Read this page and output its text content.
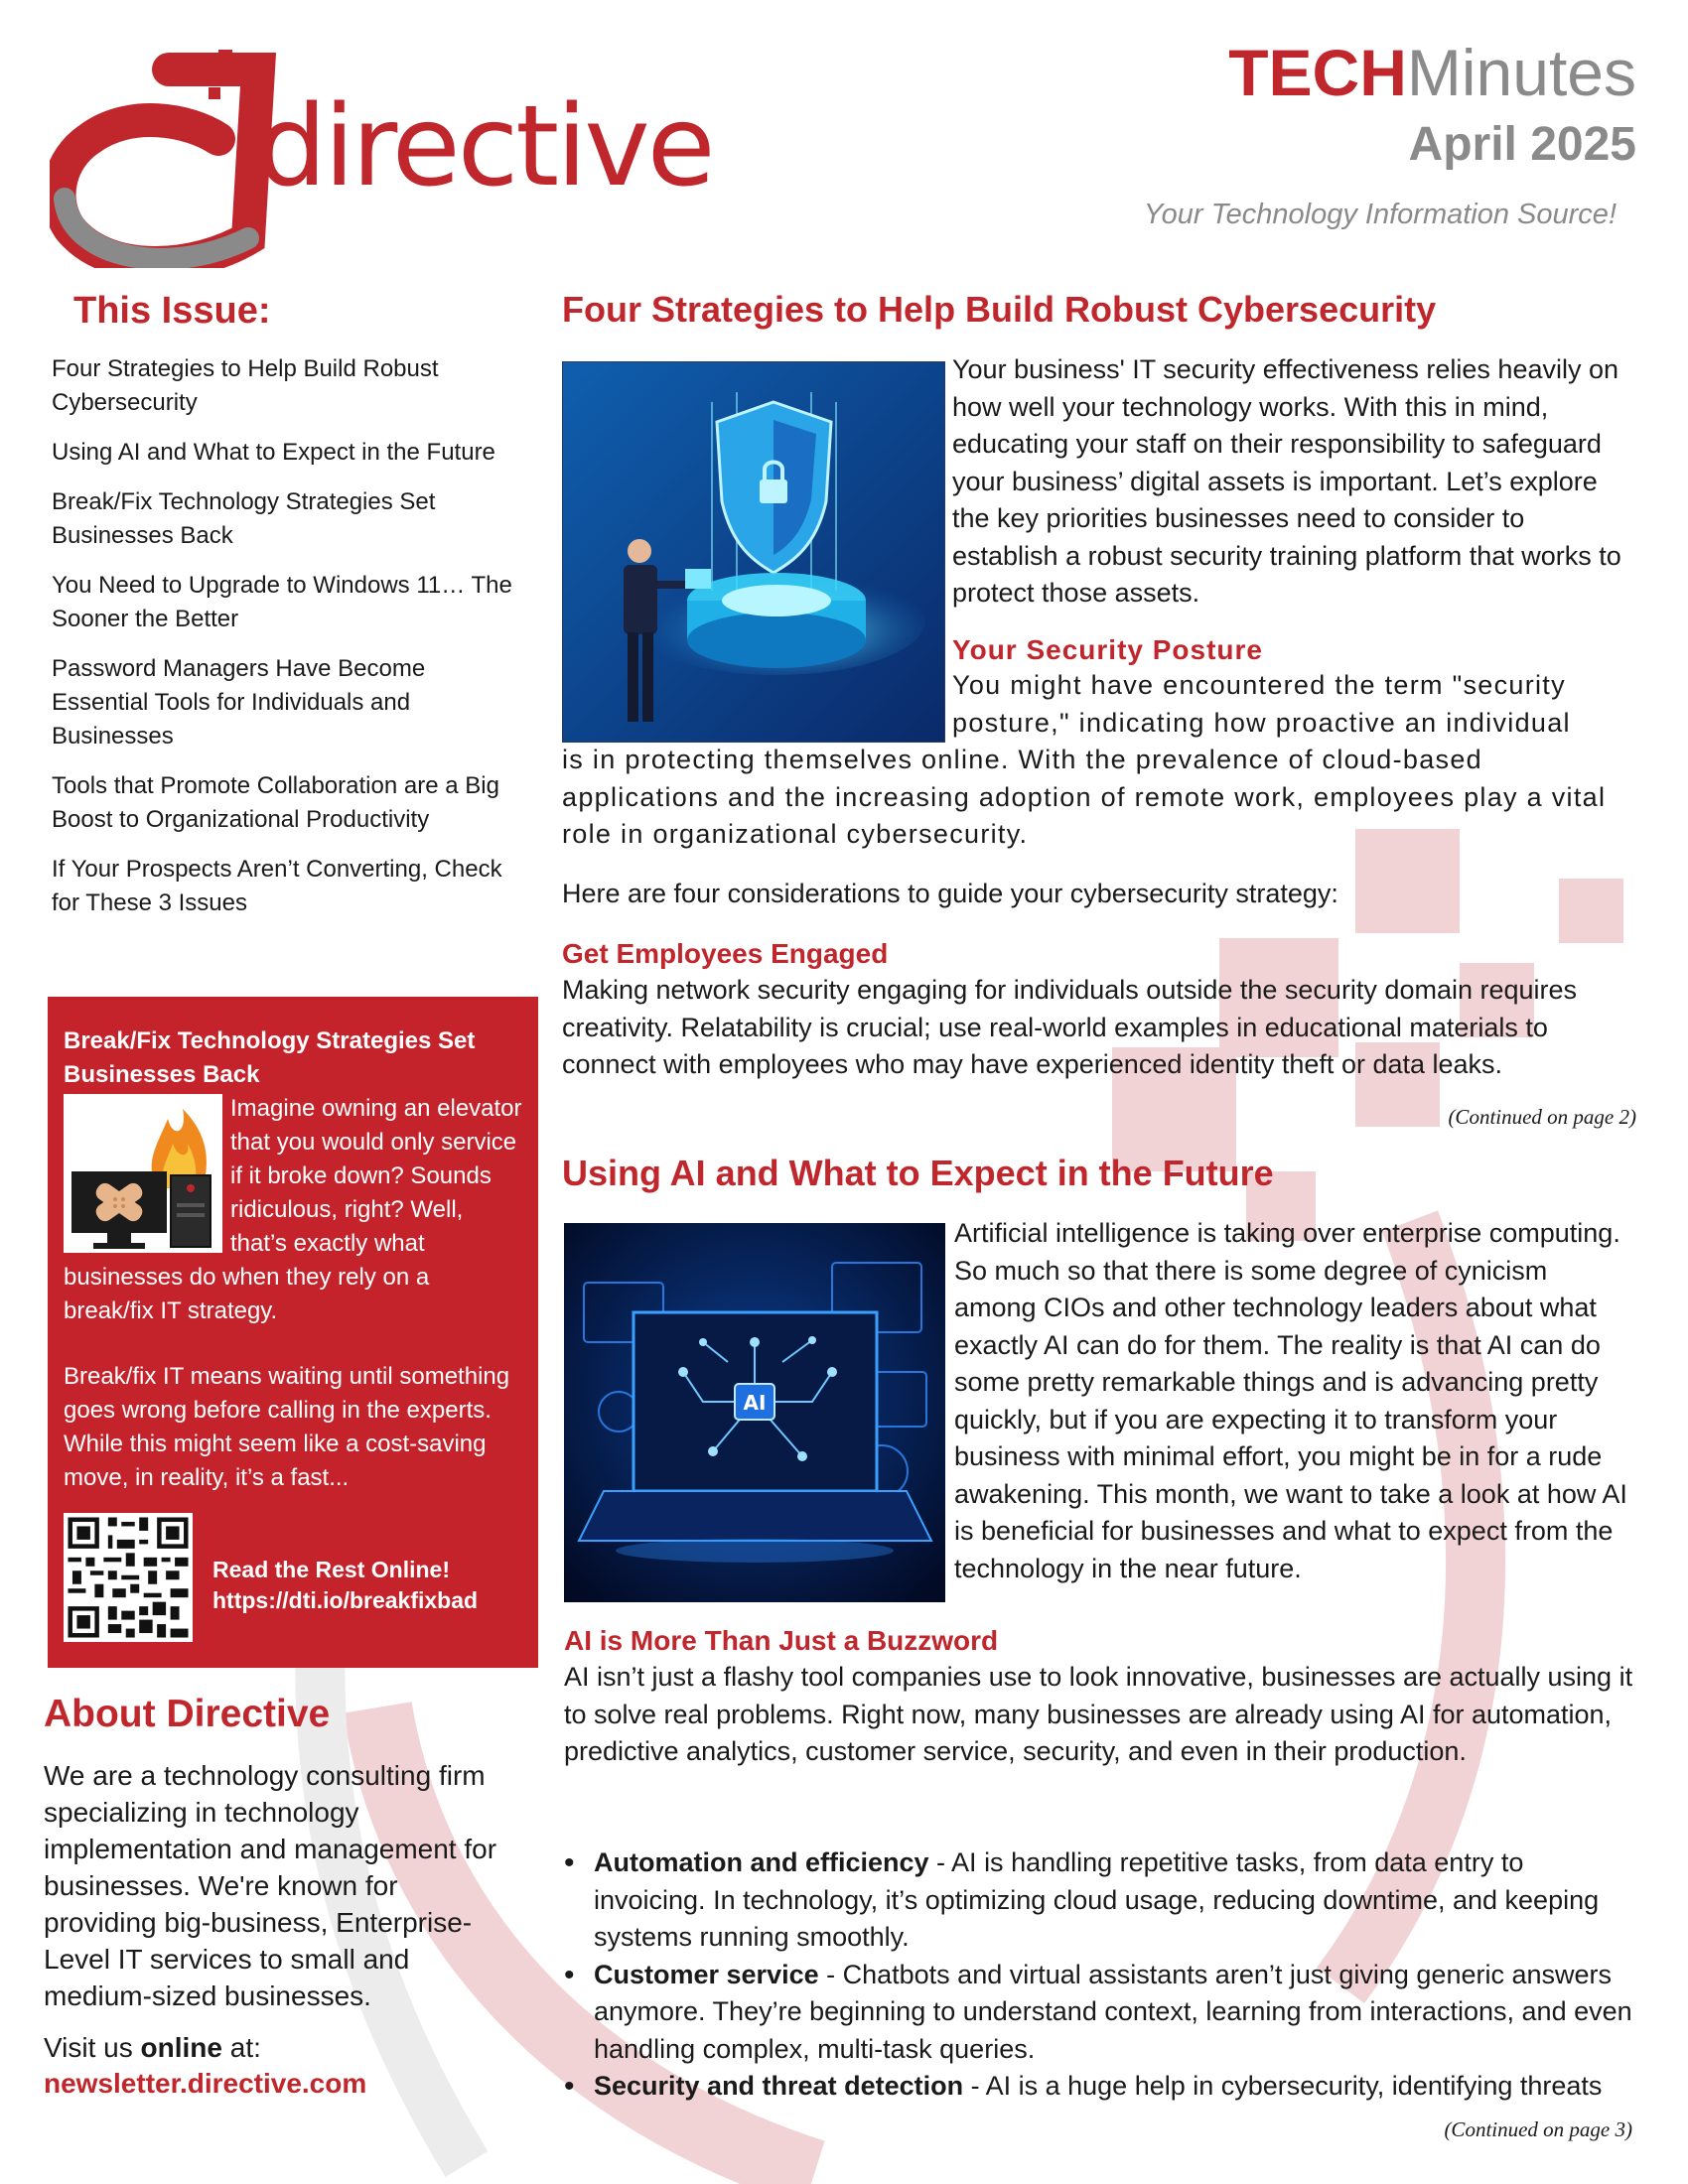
directive
TECHMinutes
April 2025
Your Technology Information Source!
This Issue:
Four Strategies to Help Build Robust Cybersecurity
Using AI and What to Expect in the Future
Break/Fix Technology Strategies Set Businesses Back
You Need to Upgrade to Windows 11… The Sooner the Better
Password Managers Have Become Essential Tools for Individuals and Businesses
Tools that Promote Collaboration are a Big Boost to Organizational Productivity
If Your Prospects Aren’t Converting, Check for These 3 Issues
Break/Fix Technology Strategies Set Businesses Back

Imagine owning an elevator that you would only service if it broke down? Sounds ridiculous, right? Well, that’s exactly what businesses do when they rely on a break/fix IT strategy.

Break/fix IT means waiting until something goes wrong before calling in the experts. While this might seem like a cost-saving move, in reality, it’s a fast...

Read the Rest Online!
https://dti.io/breakfixbad
About Directive
We are a technology consulting firm specializing in technology implementation and management for businesses. We're known for providing big-business, Enterprise-Level IT services to small and medium-sized businesses.
Visit us online at:
newsletter.directive.com
Four Strategies to Help Build Robust Cybersecurity
Your business' IT security effectiveness relies heavily on how well your technology works. With this in mind, educating your staff on their responsibility to safeguard your business’ digital assets is important. Let’s explore the key priorities businesses need to consider to establish a robust security training platform that works to protect those assets.
Your Security Posture
You might have encountered the term "security posture," indicating how proactive an individual
is in protecting themselves online. With the prevalence of cloud-based applications and the increasing adoption of remote work, employees play a vital role in organizational cybersecurity.
Here are four considerations to guide your cybersecurity strategy:
Get Employees Engaged
Making network security engaging for individuals outside the security domain requires creativity. Relatability is crucial; use real-world examples in educational materials to connect with employees who may have experienced identity theft or data leaks.
(Continued on page 2)
Using AI and What to Expect in the Future
AI
Artificial intelligence is taking over enterprise computing. So much so that there is some degree of cynicism among CIOs and other technology leaders about what exactly AI can do for them. The reality is that AI can do some pretty remarkable things and is advancing pretty quickly, but if you are expecting it to transform your business with minimal effort, you might be in for a rude awakening. This month, we want to take a look at how AI is beneficial for businesses and what to expect from the technology in the near future.
AI is More Than Just a Buzzword
AI isn’t just a flashy tool companies use to look innovative, businesses are actually using it to solve real problems. Right now, many businesses are already using AI for automation, predictive analytics, customer service, security, and even in their production.
• Automation and efficiency - AI is handling repetitive tasks, from data entry to invoicing. In technology, it’s optimizing cloud usage, reducing downtime, and keeping systems running smoothly.
• Customer service - Chatbots and virtual assistants aren’t just giving generic answers anymore. They’re beginning to understand context, learning from interactions, and even handling complex, multi-task queries.
• Security and threat detection - AI is a huge help in cybersecurity, identifying threats
(Continued on page 3)
